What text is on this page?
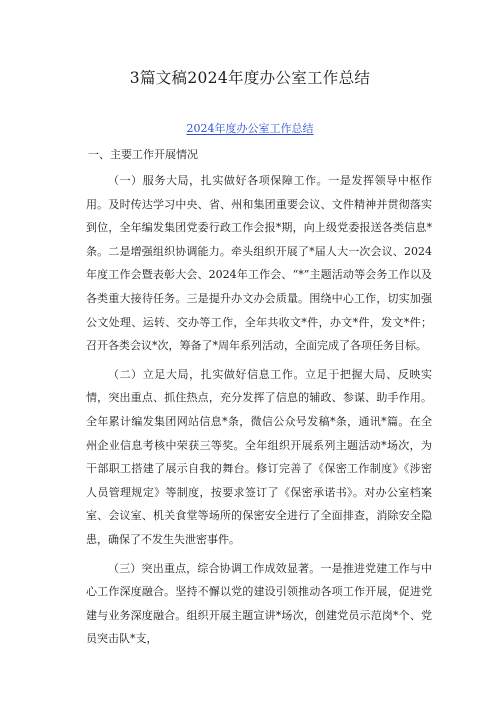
3篇文稿2024年度办公室工作总结
2024年度办公室工作总结
一、主要工作开展情况

（一）服务大局，扎实做好各项保障工作。一是发挥领导中枢作用。及时传达学习中央、省、州和集团重要会议、文件精神并贯彻落实到位，全年编发集团党委行政工作会报*期，向上级党委报送各类信息*条。二是增强组织协调能力。牵头组织开展了*届人大一次会议、2024年度工作会暨表彰大会、2024年工作会、“*”主题活动等会务工作以及各类重大接待任务。三是提升办文办会质量。围绕中心工作，切实加强公文处理、运转、交办等工作，全年共收文*件，办文*件，发文*件；召开各类会议*次，筹备了*周年系列活动，全面完成了各项任务目标。

（二）立足大局，扎实做好信息工作。立足于把握大局、反映实情，突出重点、抓住热点，充分发挥了信息的辅政、参谋、助手作用。全年累计编发集团网站信息*条，微信公众号发稿*条，通讯*篇。在全州企业信息考核中荣获三等奖。全年组织开展系列主题活动*场次，为干部职工搭建了展示自我的舞台。修订完善了《保密工作制度》《涉密人员管理规定》等制度，按要求签订了《保密承诺书》。对办公室档案室、会议室、机关食堂等场所的保密安全进行了全面排查，消除安全隐患，确保了不发生失泄密事件。

（三）突出重点，综合协调工作成效显著。一是推进党建工作与中心工作深度融合。坚持不懈以党的建设引领推动各项工作开展，促进党建与业务深度融合。组织开展主题宣讲*场次，创建党员示范岗*个、党员突击队*支，
